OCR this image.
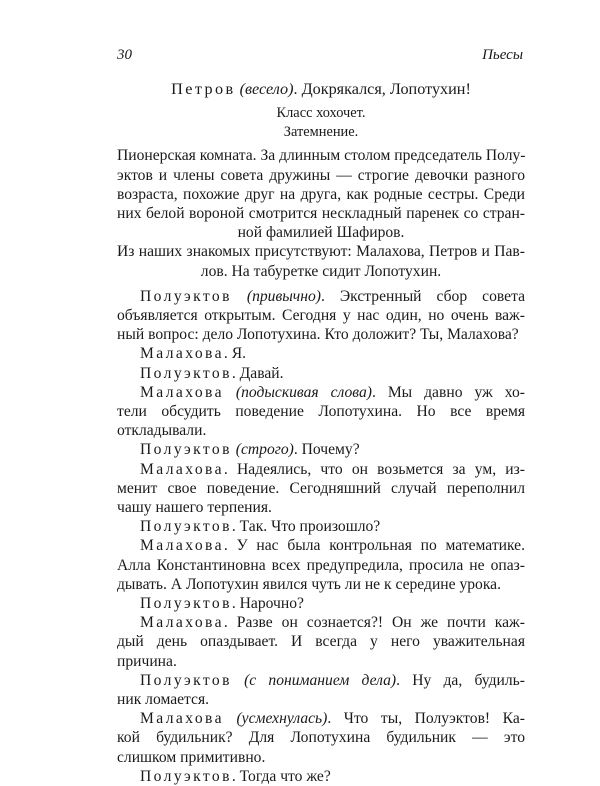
30	Пьесы
Петров (весело). Докрякался, Лопотухин!
Класс хохочет.
Затемнение.
Пионерская комната. За длинным столом председатель Полу-
эктов и члены совета дружины — строгие девочки разного
возраста, похожие друг на друга, как родные сестры. Среди
них белой вороной смотрится нескладный паренек со стран-
ной фамилией Шафиров.
Из наших знакомых присутствуют: Малахова, Петров и Пав-
лов. На табуретке сидит Лопотухин.
Полуэктов (привычно). Экстренный сбор совета
объявляется открытым. Сегодня у нас один, но очень важ-
ный вопрос: дело Лопотухина. Кто доложит? Ты, Малахова?
Малахова. Я.
Полуэктов. Давай.
Малахова (подыскивая слова). Мы давно уж хо-
тели обсудить поведение Лопотухина. Но все время
откладывали.
Полуэктов (строго). Почему?
Малахова. Надеялись, что он возьмется за ум, из-
менит свое поведение. Сегодняшний случай переполнил
чашу нашего терпения.
Полуэктов. Так. Что произошло?
Малахова. У нас была контрольная по математике.
Алла Константиновна всех предупредила, просила не опаз-
дывать. А Лопотухин явился чуть ли не к середине урока.
Полуэктов. Нарочно?
Малахова. Разве он сознается?! Он же почти каж-
дый день опаздывает. И всегда у него уважительная
причина.
Полуэктов (с пониманием дела). Ну да, будиль-
ник ломается.
Малахова (усмехнулась). Что ты, Полуэктов! Ка-
кой будильник? Для Лопотухина будильник — это
слишком примитивно.
Полуэктов. Тогда что же?
